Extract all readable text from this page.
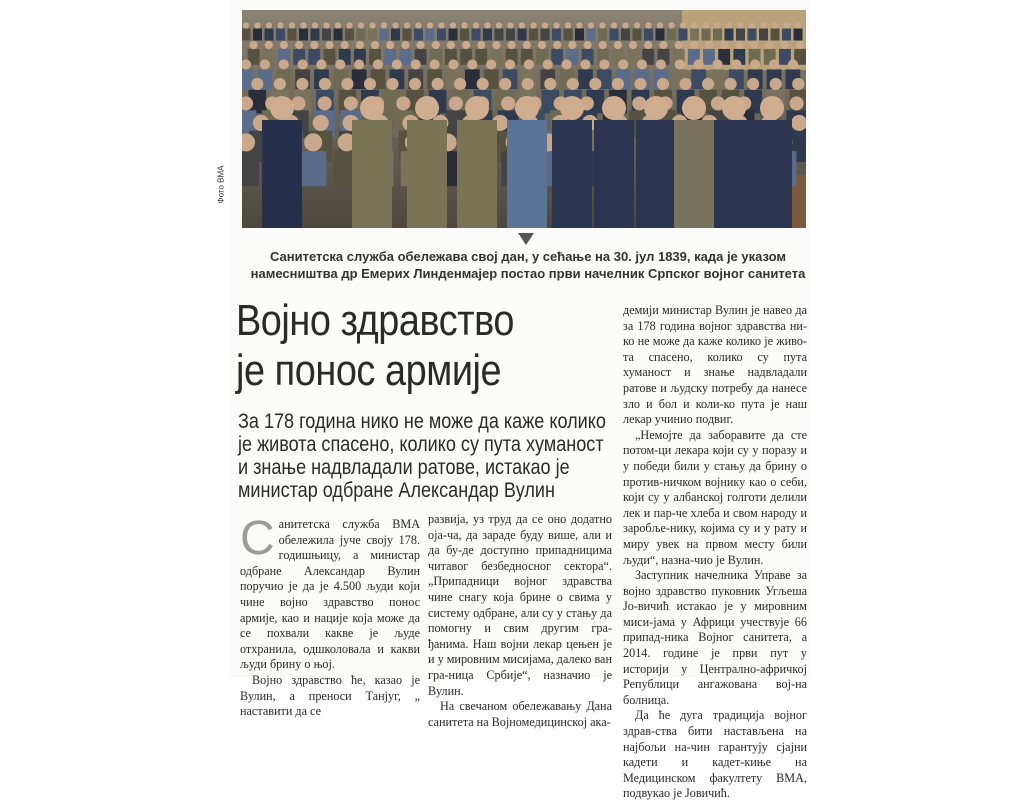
Фото ВМА
Санитетска служба обележава свој дан, у сећање на 30. јул 1839, када је указом намесништва др Емерих Линденмајер постао први начелник Српског војног санитета
Војно здравство
је понос армије
За 178 година нико не може да каже колико је живота спасено, колико су пута хуманост и знање надвладали ратове, истакао је министар одбране Александар Вулин

Санитетска служба ВМА обележила јуче своју 178. годишњицу, а министар одбране Александар Вулин поручио је да је 4.500 људи који чине војно здравство понос армије, као и нације која може да се похвали какве је људе отхранила, одшколовала и какви људи брину о њој.

Војно здравство ће, казао је Вулин, а преноси Танјуг, „ наставити да се

развија, уз труд да се оно додатно оја-ча, да зараде буду више, али и да бу-де доступно припадницима читавог безбедносног сектора“. „Припадници војног здравства чине снагу која брине о свима у систему одбране, али су у стању да помогну и свим другим гра-ђанима. Наш војни лекар цењен је и у мировним мисијама, далеко ван гра-ница Србије“, назначио је Вулин.

На свечаном обележавању Дана санитета на Војномедицинској ака-

демији министар Вулин је навео да за 178 година војног здравства ни-ко не може да каже колико је живо-та спасено, колико су пута хуманост и знање надвладали ратове и људску потребу да нанесе зло и бол и коли-ко пута је наш лекар учинио подвиг.

„Немојте да заборавите да сте потом-ци лекара који су у поразу и у победи били у стању да брину о против-ничком војнику као о себи, који су у албанској голготи делили лек и пар-че хлеба и свом народу и заробље-нику, којима су и у рату и миру увек на првом месту били људи“, назна-чио је Вулин.

Заступник начелника Управе за војно здравство пуковник Угљеша Јо-вичић истакао је у мировним миси-јама у Африци учествује 66 припад-ника Војног санитета, а 2014. године је први пут у историји у Централно-афричкој Републици ангажована вој-на болница.

Да ће дуга традиција војног здрав-ства бити настављена на најбољи на-чин гарантују сјајни кадети и кадет-киње на Медицинском факултету ВМА, подвукао је Јовичић.
